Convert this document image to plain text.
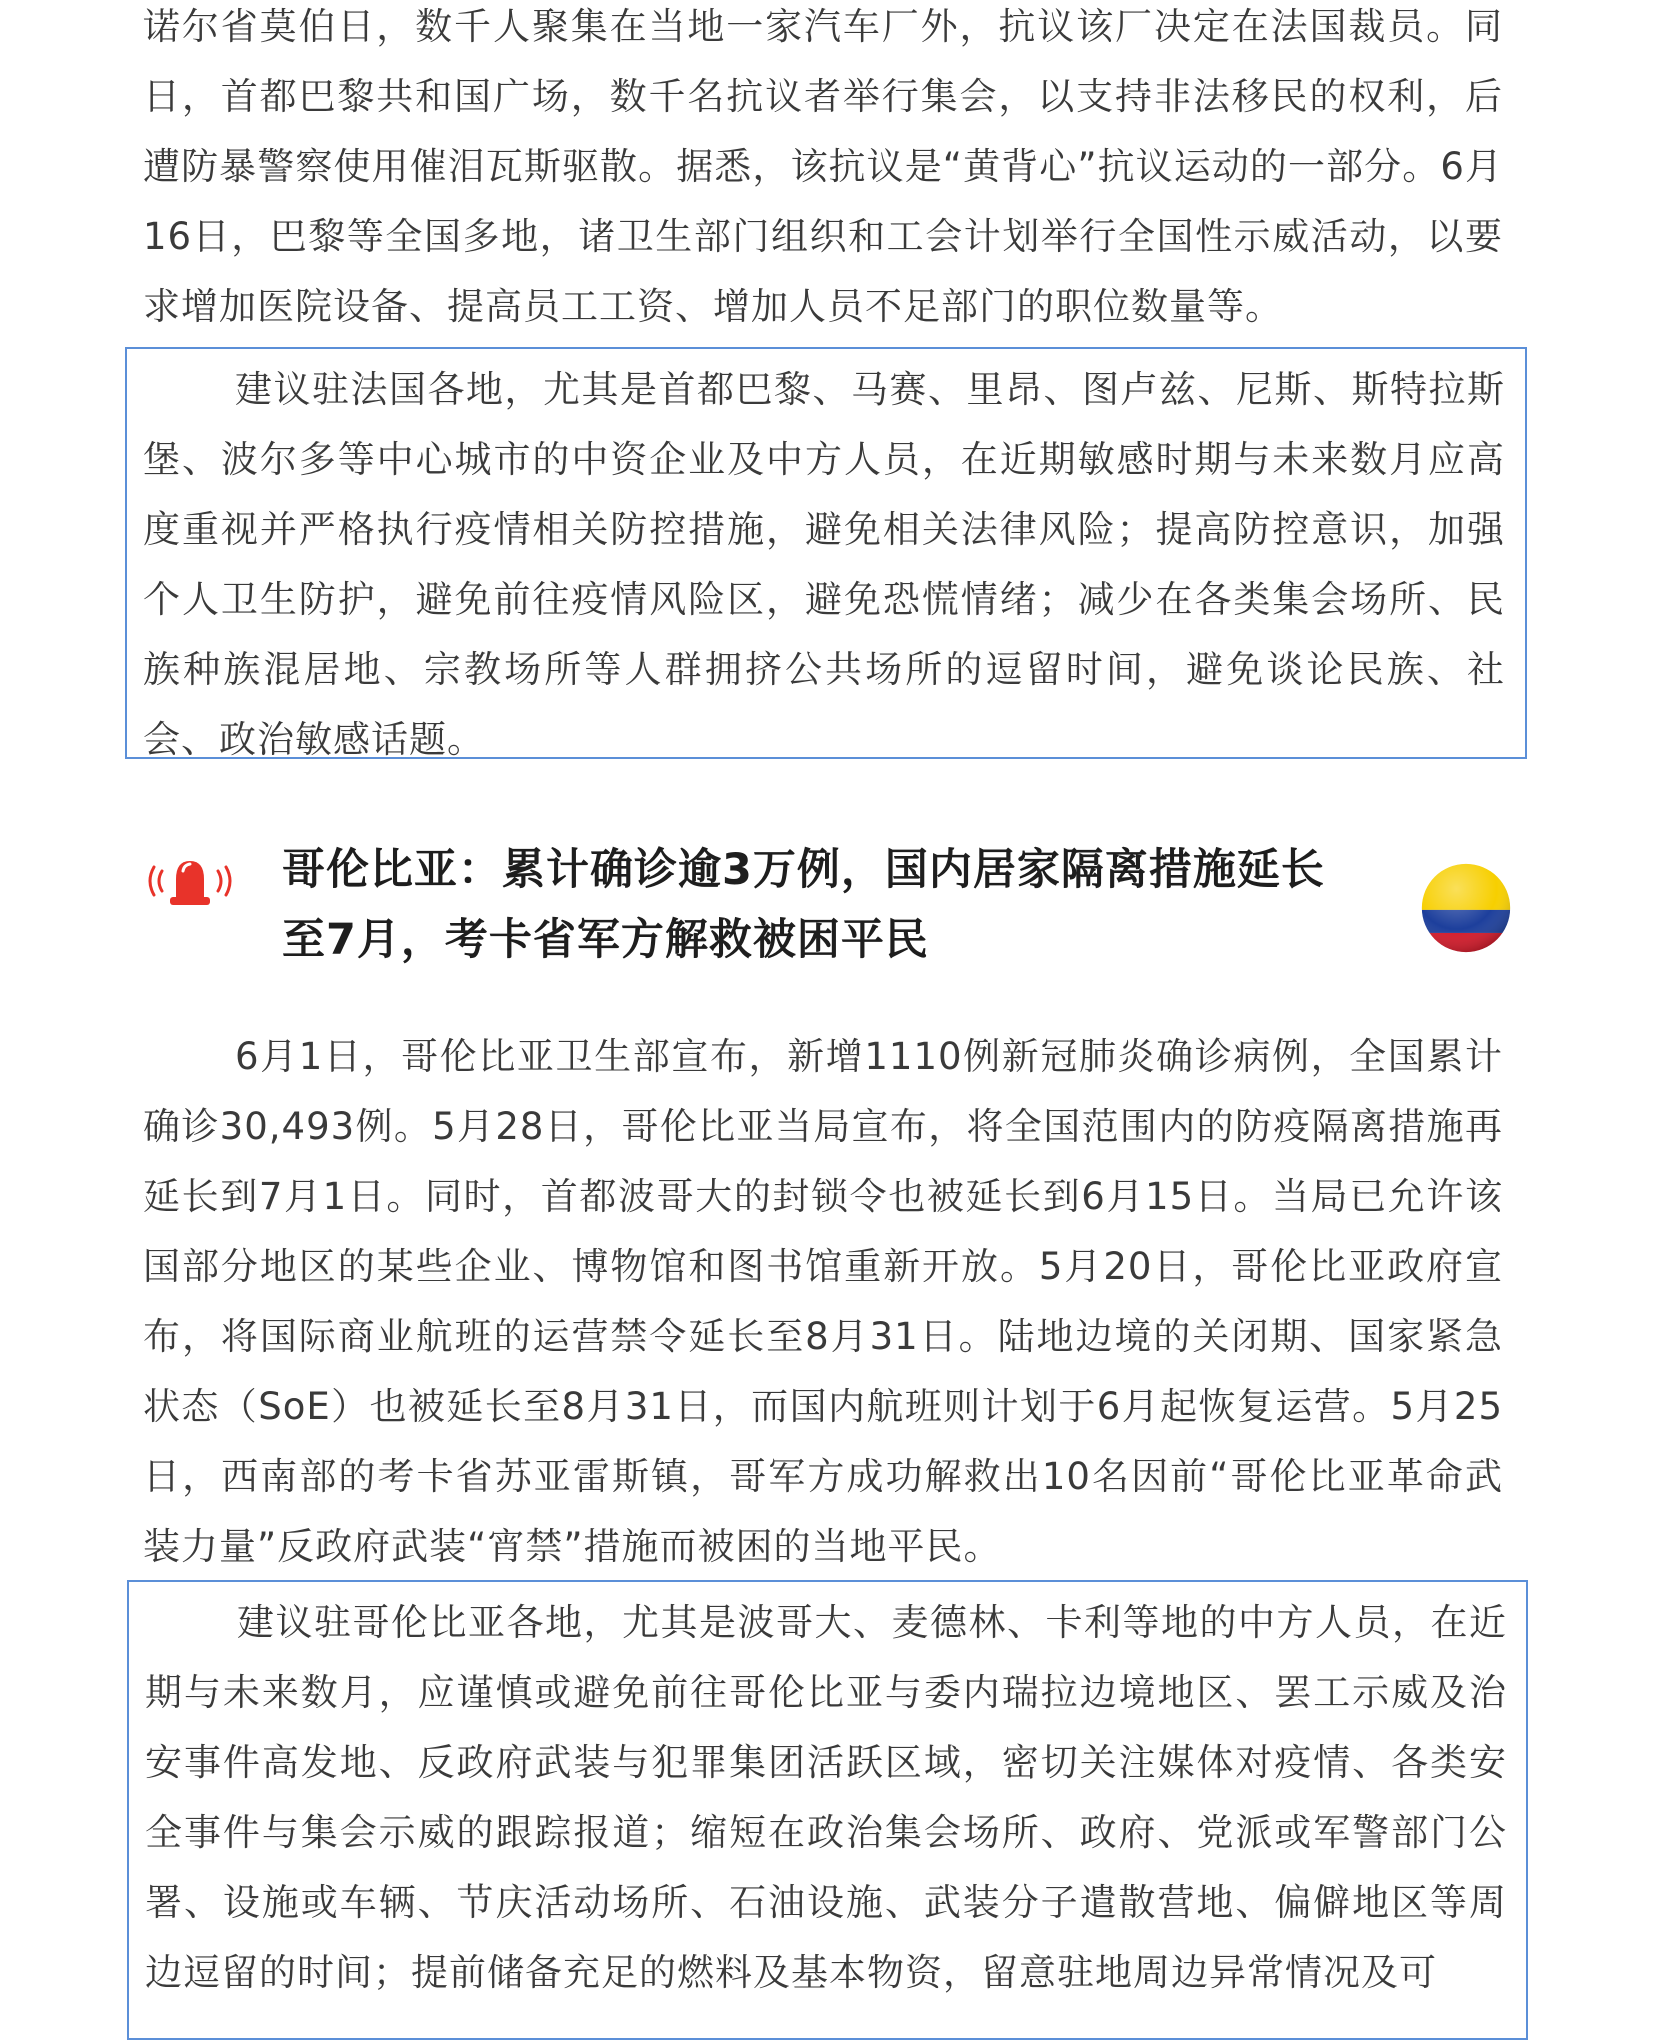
诺尔省莫伯日，数千人聚集在当地一家汽车厂外，抗议该厂决定在法国裁员。同日，首都巴黎共和国广场，数千名抗议者举行集会，以支持非法移民的权利，后遭防暴警察使用催泪瓦斯驱散。据悉，该抗议是“黄背心”抗议运动的一部分。6月16日，巴黎等全国多地，诸卫生部门组织和工会计划举行全国性示威活动，以要求增加医院设备、提高员工工资、增加人员不足部门的职位数量等。

建议驻法国各地，尤其是首都巴黎、马赛、里昂、图卢兹、尼斯、斯特拉斯堡、波尔多等中心城市的中资企业及中方人员，在近期敏感时期与未来数月应高度重视并严格执行疫情相关防控措施，避免相关法律风险；提高防控意识，加强个人卫生防护，避免前往疫情风险区，避免恐慌情绪；减少在各类集会场所、民族种族混居地、宗教场所等人群拥挤公共场所的逗留时间，避免谈论民族、社会、政治敏感话题。

哥伦比亚：累计确诊逾3万例，国内居家隔离措施延长至7月，考卡省军方解救被困平民

6月1日，哥伦比亚卫生部宣布，新增1110例新冠肺炎确诊病例，全国累计确诊30,493例。5月28日，哥伦比亚当局宣布，将全国范围内的防疫隔离措施再延长到7月1日。同时，首都波哥大的封锁令也被延长到6月15日。当局已允许该国部分地区的某些企业、博物馆和图书馆重新开放。5月20日，哥伦比亚政府宣布，将国际商业航班的运营禁令延长至8月31日。陆地边境的关闭期、国家紧急状态（SoE）也被延长至8月31日，而国内航班则计划于6月起恢复运营。5月25日，西南部的考卡省苏亚雷斯镇，哥军方成功解救出10名因前“哥伦比亚革命武装力量”反政府武装“宵禁”措施而被困的当地平民。

建议驻哥伦比亚各地，尤其是波哥大、麦德林、卡利等地的中方人员，在近期与未来数月，应谨慎或避免前往哥伦比亚与委内瑞拉边境地区、罢工示威及治安事件高发地、反政府武装与犯罪集团活跃区域，密切关注媒体对疫情、各类安全事件与集会示威的跟踪报道；缩短在政治集会场所、政府、党派或军警部门公署、设施或车辆、节庆活动场所、石油设施、武装分子遣散营地、偏僻地区等周边逗留的时间；提前储备充足的燃料及基本物资，留意驻地周边异常情况及可
